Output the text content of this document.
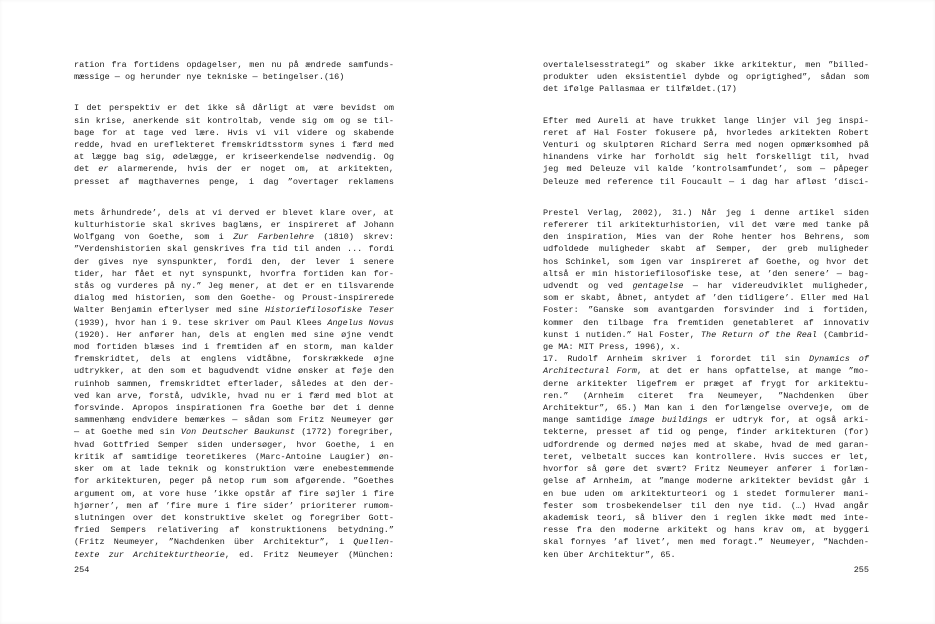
ration fra fortidens opdagelser, men nu på ændrede samfunds-
mæssige — og herunder nye tekniske — betingelser.(16)
I det perspektiv er det ikke så dårligt at være bevidst om
sin krise, anerkende sit kontroltab, vende sig om og se til-
bage for at tage ved lære. Hvis vi vil videre og skabende
redde, hvad en ureflekteret fremskridtsstorm synes i færd med
at lægge bag sig, ødelægge, er kriseerkendelse nødvendig. Og
det er alarmerende, hvis der er noget om, at arkitekten,
presset af magthavernes penge, i dag ”overtager reklamens
mets århundrede’, dels at vi derved er blevet klare over, at
kulturhistorie skal skrives baglæns, er inspireret af Johann
Wolfgang von Goethe, som i Zur Farbenlehre (1810) skrev:
”Verdenshistorien skal genskrives fra tid til anden ... fordi
der gives nye synspunkter, fordi den, der lever i senere
tider, har fået et nyt synspunkt, hvorfra fortiden kan for-
stås og vurderes på ny.” Jeg mener, at det er en tilsvarende
dialog med historien, som den Goethe- og Proust-inspirerede
Walter Benjamin efterlyser med sine Historiefilosofiske Teser
(1939), hvor han i 9. tese skriver om Paul Klees Angelus Novus
(1920). Her anfører han, dels at englen med sine øjne vendt
mod fortiden blæses ind i fremtiden af en storm, man kalder
fremskridtet, dels at englens vidtåbne, forskrækkede øjne
udtrykker, at den som et bagudvendt vidne ønsker at føje den
ruinhob sammen, fremskridtet efterlader, således at den der-
ved kan arve, forstå, udvikle, hvad nu er i færd med blot at
forsvinde. Apropos inspirationen fra Goethe bør det i denne
sammenhæng endvidere bemærkes — sådan som Fritz Neumeyer gør
— at Goethe med sin Von Deutscher Baukunst (1772) foregriber,
hvad Gottfried Semper siden undersøger, hvor Goethe, i en
kritik af samtidige teoretikeres (Marc-Antoine Laugier) øn-
sker om at lade teknik og konstruktion være enebestemmende
for arkitekturen, peger på netop rum som afgørende. ”Goethes
argument om, at vore huse ’ikke opstår af fire søjler i fire
hjørner’, men af ’fire mure i fire sider’ prioriterer rumom-
slutningen over det konstruktive skelet og foregriber Gott-
fried Sempers relativering af konstruktionens betydning.”
(Fritz Neumeyer, ”Nachdenken über Architektur”, i Quellen-
texte zur Architekturtheorie, ed. Fritz Neumeyer (München:
254
overtalelsesstrategi” og skaber ikke arkitektur, men ”billed-
produkter uden eksistentiel dybde og oprigtighed”, sådan som
det ifølge Pallasmaa er tilfældet.(17)
Efter med Aureli at have trukket lange linjer vil jeg inspi-
reret af Hal Foster fokusere på, hvorledes arkitekten Robert
Venturi og skulptøren Richard Serra med nogen opmærksomhed på
hinandens virke har forholdt sig helt forskelligt til, hvad
jeg med Deleuze vil kalde ’kontrolsamfundet’, som — påpeger
Deleuze med reference til Foucault — i dag har afløst ’disci-
Prestel Verlag, 2002), 31.) Når jeg i denne artikel siden
refererer til arkitekturhistorien, vil det være med tanke på
den inspiration, Mies van der Rohe henter hos Behrens, som
udfoldede muligheder skabt af Semper, der greb muligheder
hos Schinkel, som igen var inspireret af Goethe, og hvor det
altså er min historiefilosofiske tese, at ’den senere’ — bag-
udvendt og ved gentagelse — har videreudviklet muligheder,
som er skabt, åbnet, antydet af ’den tidligere’. Eller med Hal
Foster: ”Ganske som avantgarden forsvinder ind i fortiden,
kommer den tilbage fra fremtiden genetableret af innovativ
kunst i nutiden.” Hal Foster, The Return of the Real (Cambrid-
ge MA: MIT Press, 1996), x.
17. Rudolf Arnheim skriver i forordet til sin Dynamics of
Architectural Form, at det er hans opfattelse, at mange ”mo-
derne arkitekter ligefrem er præget af frygt for arkitektu-
ren.” (Arnheim citeret fra Neumeyer, ”Nachdenken über
Architektur”, 65.) Man kan i den forlængelse overveje, om de
mange samtidige image buildings er udtryk for, at også arki-
tekterne, presset af tid og penge, finder arkitekturen (for)
udfordrende og dermed nøjes med at skabe, hvad de med garan-
teret, velbetalt succes kan kontrollere. Hvis succes er let,
hvorfor så gøre det svært? Fritz Neumeyer anfører i forlæn-
gelse af Arnheim, at ”mange moderne arkitekter bevidst går i
en bue uden om arkitekturteori og i stedet formulerer mani-
fester som trosbekendelser til den nye tid. (…) Hvad angår
akademisk teori, så bliver den i reglen ikke mødt med inte-
resse fra den moderne arkitekt og hans krav om, at byggeri
skal fornyes ’af livet’, men med foragt.” Neumeyer, ”Nachden-
ken über Architektur”, 65.
255
